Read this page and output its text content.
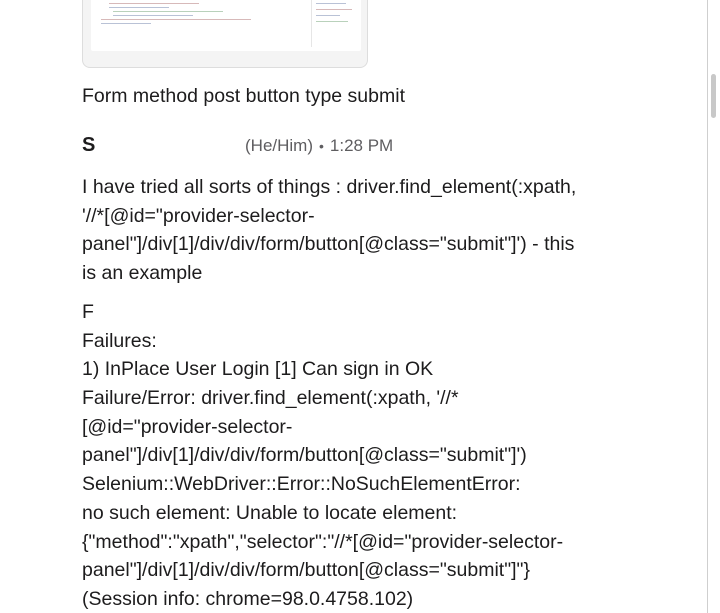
Form method post button type submit
S	(He/Him) • 1:28 PM
I have tried all sorts of things : driver.find_element(:xpath,
'//*[@id="provider-selector-
panel"]/div[1]/div/div/form/button[@class="submit"]') - this
is an example
F
Failures:
1) InPlace User Login [1] Can sign in OK
Failure/Error: driver.find_element(:xpath, '//*
[@id="provider-selector-
panel"]/div[1]/div/div/form/button[@class="submit"]')
Selenium::WebDriver::Error::NoSuchElementError:
no such element: Unable to locate element:
{"method":"xpath","selector":"//*[@id="provider-selector-
panel"]/div[1]/div/div/form/button[@class="submit"]"}
(Session info: chrome=98.0.4758.102)
